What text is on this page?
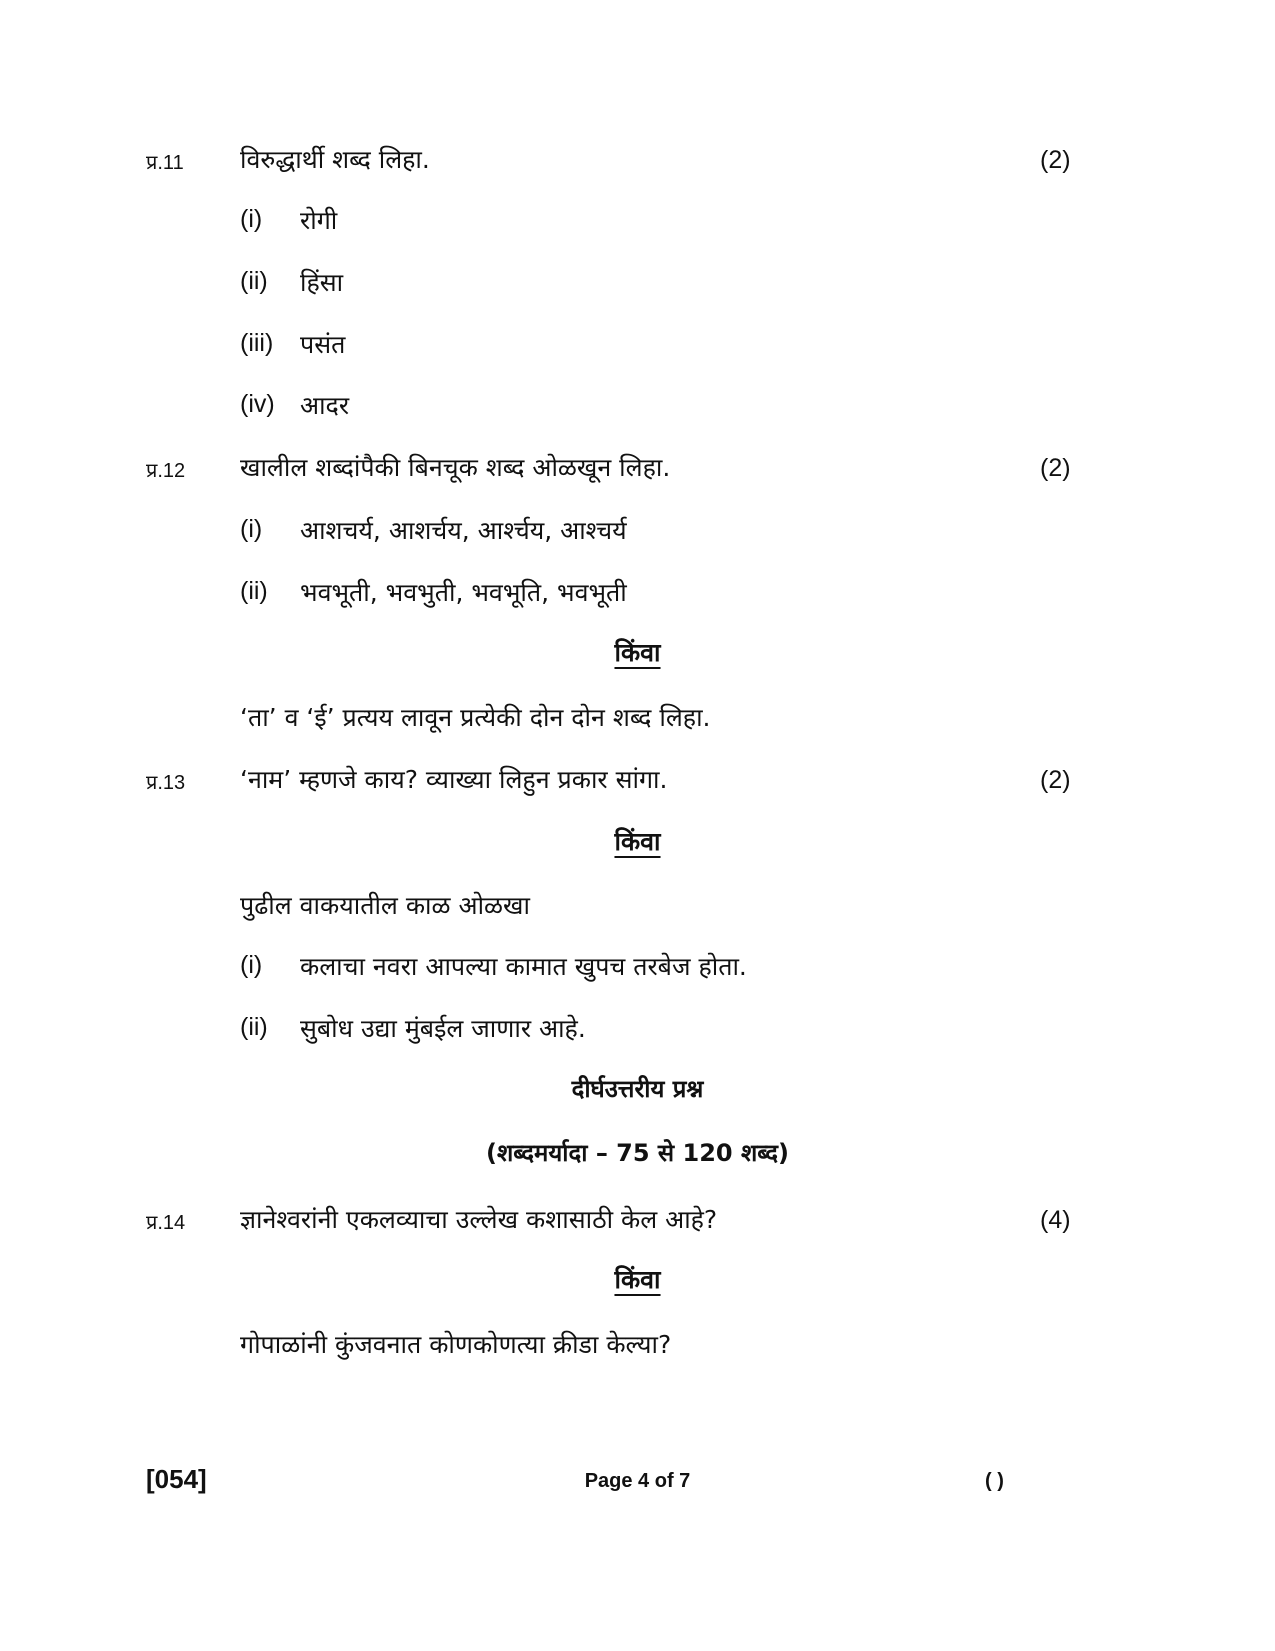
प्र.11 विरुद्धार्थी शब्द लिहा.	(2)
(i) रोगी
(ii) हिंसा
(iii) पसंत
(iv) आदर
प्र.12 खालील शब्दांपैकी बिनचूक शब्द ओळखून लिहा.	(2)
(i) आशचर्य, आशर्चय, आर्श्चय, आश्चर्य
(ii) भवभूती, भवभुती, भवभूति, भवभूती
किंवा
‘ता’ व ‘ई’ प्रत्यय लावून प्रत्येकी दोन दोन शब्द लिहा.
प्र.13 ‘नाम’ म्हणजे काय? व्याख्या लिहुन प्रकार सांगा.	(2)
किंवा
पुढील वाकयातील काळ ओळखा
(i) कलाचा नवरा आपल्या कामात खुपच तरबेज होता.
(ii) सुबोध उद्या मुंबईल जाणार आहे.
दीर्घउत्तरीय प्रश्न
(शब्दमर्यादा – 75 से 120 शब्द)
प्र.14 ज्ञानेश्वरांनी एकलव्याचा उल्लेख कशासाठी केल आहे?	(4)
किंवा
गोपाळांनी कुंजवनात कोणकोणत्या क्रीडा केल्या?
[054]	Page 4 of 7	( )
